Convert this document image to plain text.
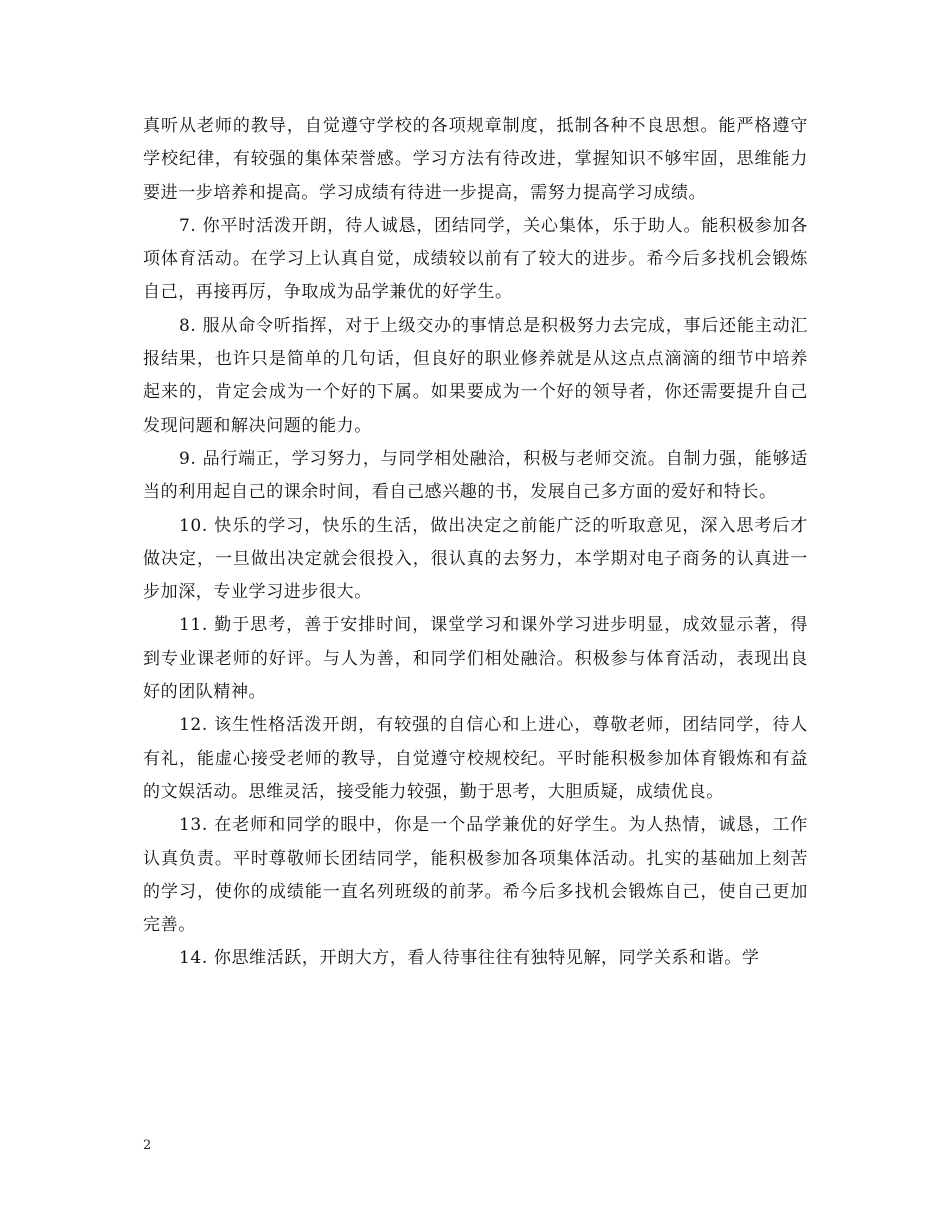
真听从老师的教导，自觉遵守学校的各项规章制度，抵制各种不良思想。能严格遵守学校纪律，有较强的集体荣誉感。学习方法有待改进，掌握知识不够牢固，思维能力要进一步培养和提高。学习成绩有待进一步提高，需努力提高学习成绩。

7. 你平时活泼开朗，待人诚恳，团结同学，关心集体，乐于助人。能积极参加各项体育活动。在学习上认真自觉，成绩较以前有了较大的进步。希今后多找机会锻炼自己，再接再厉，争取成为品学兼优的好学生。

8. 服从命令听指挥，对于上级交办的事情总是积极努力去完成，事后还能主动汇报结果，也许只是简单的几句话，但良好的职业修养就是从这点点滴滴的细节中培养起来的，肯定会成为一个好的下属。如果要成为一个好的领导者，你还需要提升自己发现问题和解决问题的能力。

9. 品行端正，学习努力，与同学相处融洽，积极与老师交流。自制力强，能够适当的利用起自己的课余时间，看自己感兴趣的书，发展自己多方面的爱好和特长。

10. 快乐的学习，快乐的生活，做出决定之前能广泛的听取意见，深入思考后才做决定，一旦做出决定就会很投入，很认真的去努力，本学期对电子商务的认真进一步加深，专业学习进步很大。

11. 勤于思考，善于安排时间，课堂学习和课外学习进步明显，成效显示著，得到专业课老师的好评。与人为善，和同学们相处融洽。积极参与体育活动，表现出良好的团队精神。

12. 该生性格活泼开朗，有较强的自信心和上进心，尊敬老师，团结同学，待人有礼，能虚心接受老师的教导，自觉遵守校规校纪。平时能积极参加体育锻炼和有益的文娱活动。思维灵活，接受能力较强，勤于思考，大胆质疑，成绩优良。

13. 在老师和同学的眼中，你是一个品学兼优的好学生。为人热情，诚恳，工作认真负责。平时尊敬师长团结同学，能积极参加各项集体活动。扎实的基础加上刻苦的学习，使你的成绩能一直名列班级的前茅。希今后多找机会锻炼自己，使自己更加完善。

14. 你思维活跃，开朗大方，看人待事往往有独特见解，同学关系和谐。学

2
